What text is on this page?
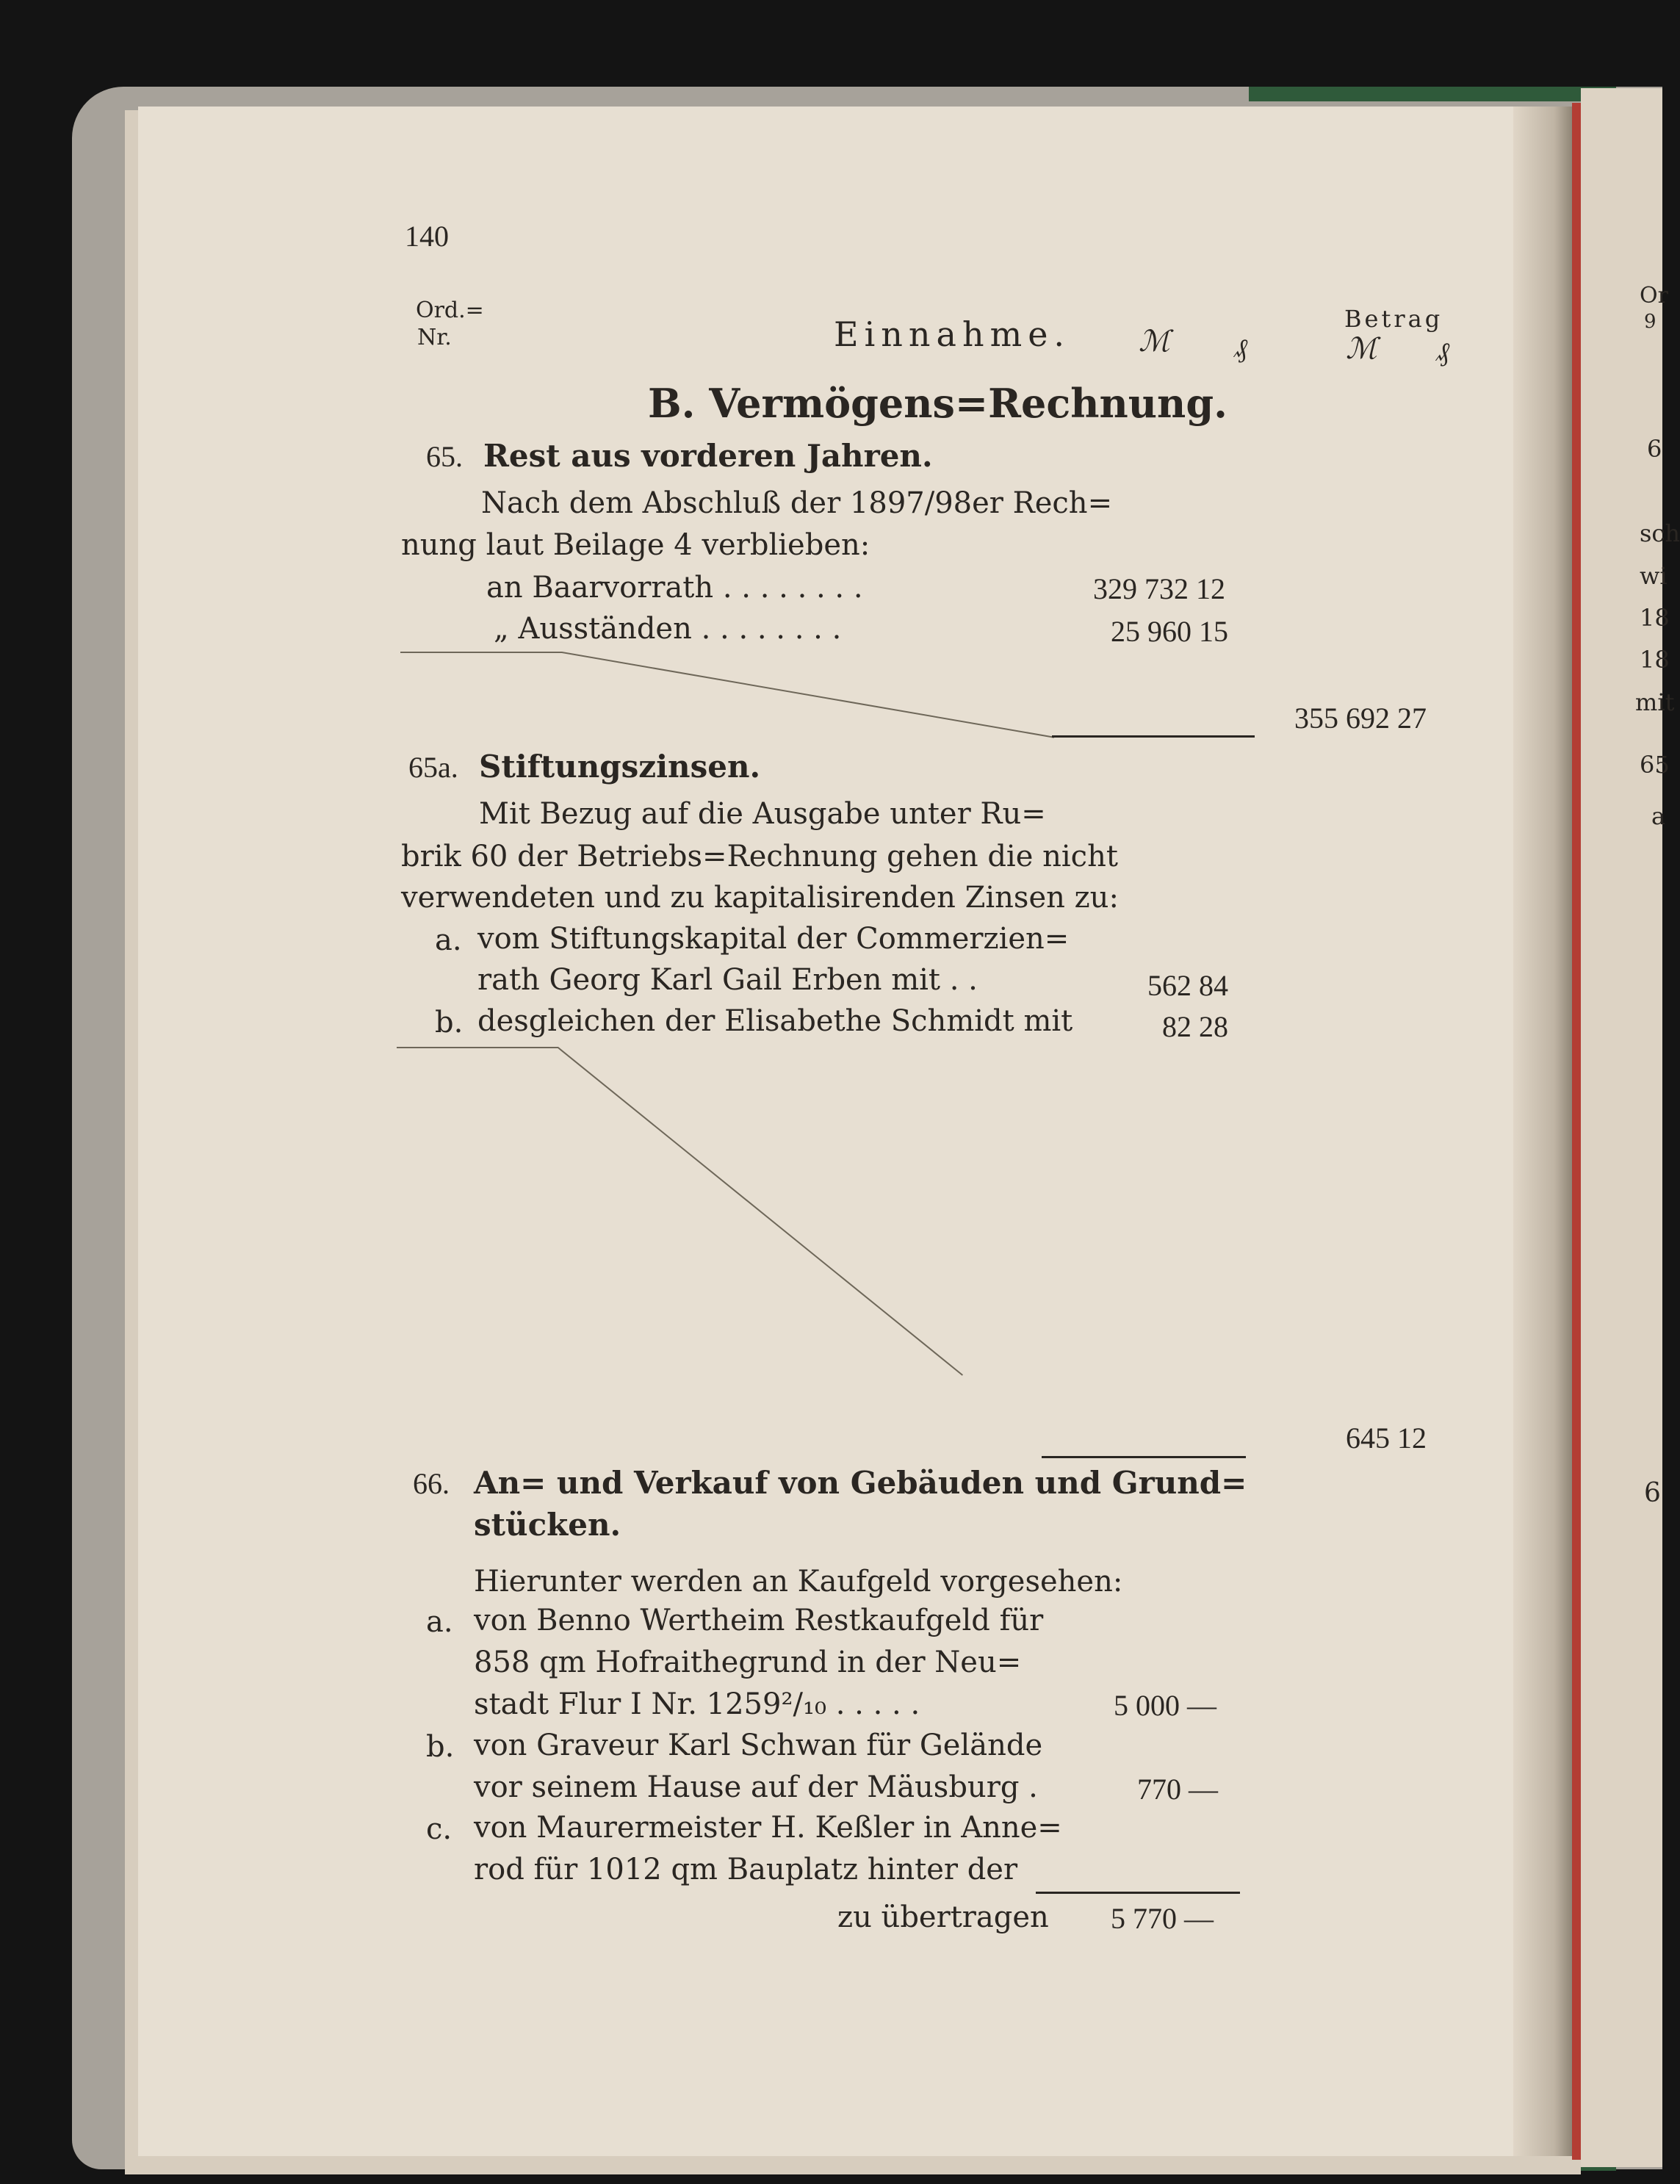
Or
9
6
sch
wi
18
18
mit
65
a
6
140
Ord.=
Nr.	Einnahme. ℳ ₰
Betrag
ℳ ₰
B. Vermögens=Rechnung.
65. Rest aus vorderen Jahren.
Nach dem Abschluß der 1897/98er Rech=
nung laut Beilage 4 verblieben:
an Baarvorrath . . . . . . . .	329 732 12
„ Ausständen . . . . . . . .	25 960 15
355 692 27
65a. Stiftungszinsen.
Mit Bezug auf die Ausgabe unter Ru=
brik 60 der Betriebs=Rechnung gehen die nicht
verwendeten und zu kapitalisirenden Zinsen zu:
a. vom Stiftungskapital der Commerzien=
rath Georg Karl Gail Erben mit . .	562 84
b. desgleichen der Elisabethe Schmidt mit	82 28
645 12
66. An= und Verkauf von Gebäuden und Grund=
stücken.
Hierunter werden an Kaufgeld vorgesehen:
a. von Benno Wertheim Restkaufgeld für
858 qm Hofraithegrund in der Neu=
stadt Flur I Nr. 1259²/₁₀ . . . . .	5 000 —
b. von Graveur Karl Schwan für Gelände
vor seinem Hause auf der Mäusburg .	770 —
c. von Maurermeister H. Keßler in Anne=
rod für 1012 qm Bauplatz hinter der
zu übertragen 5 770 —
